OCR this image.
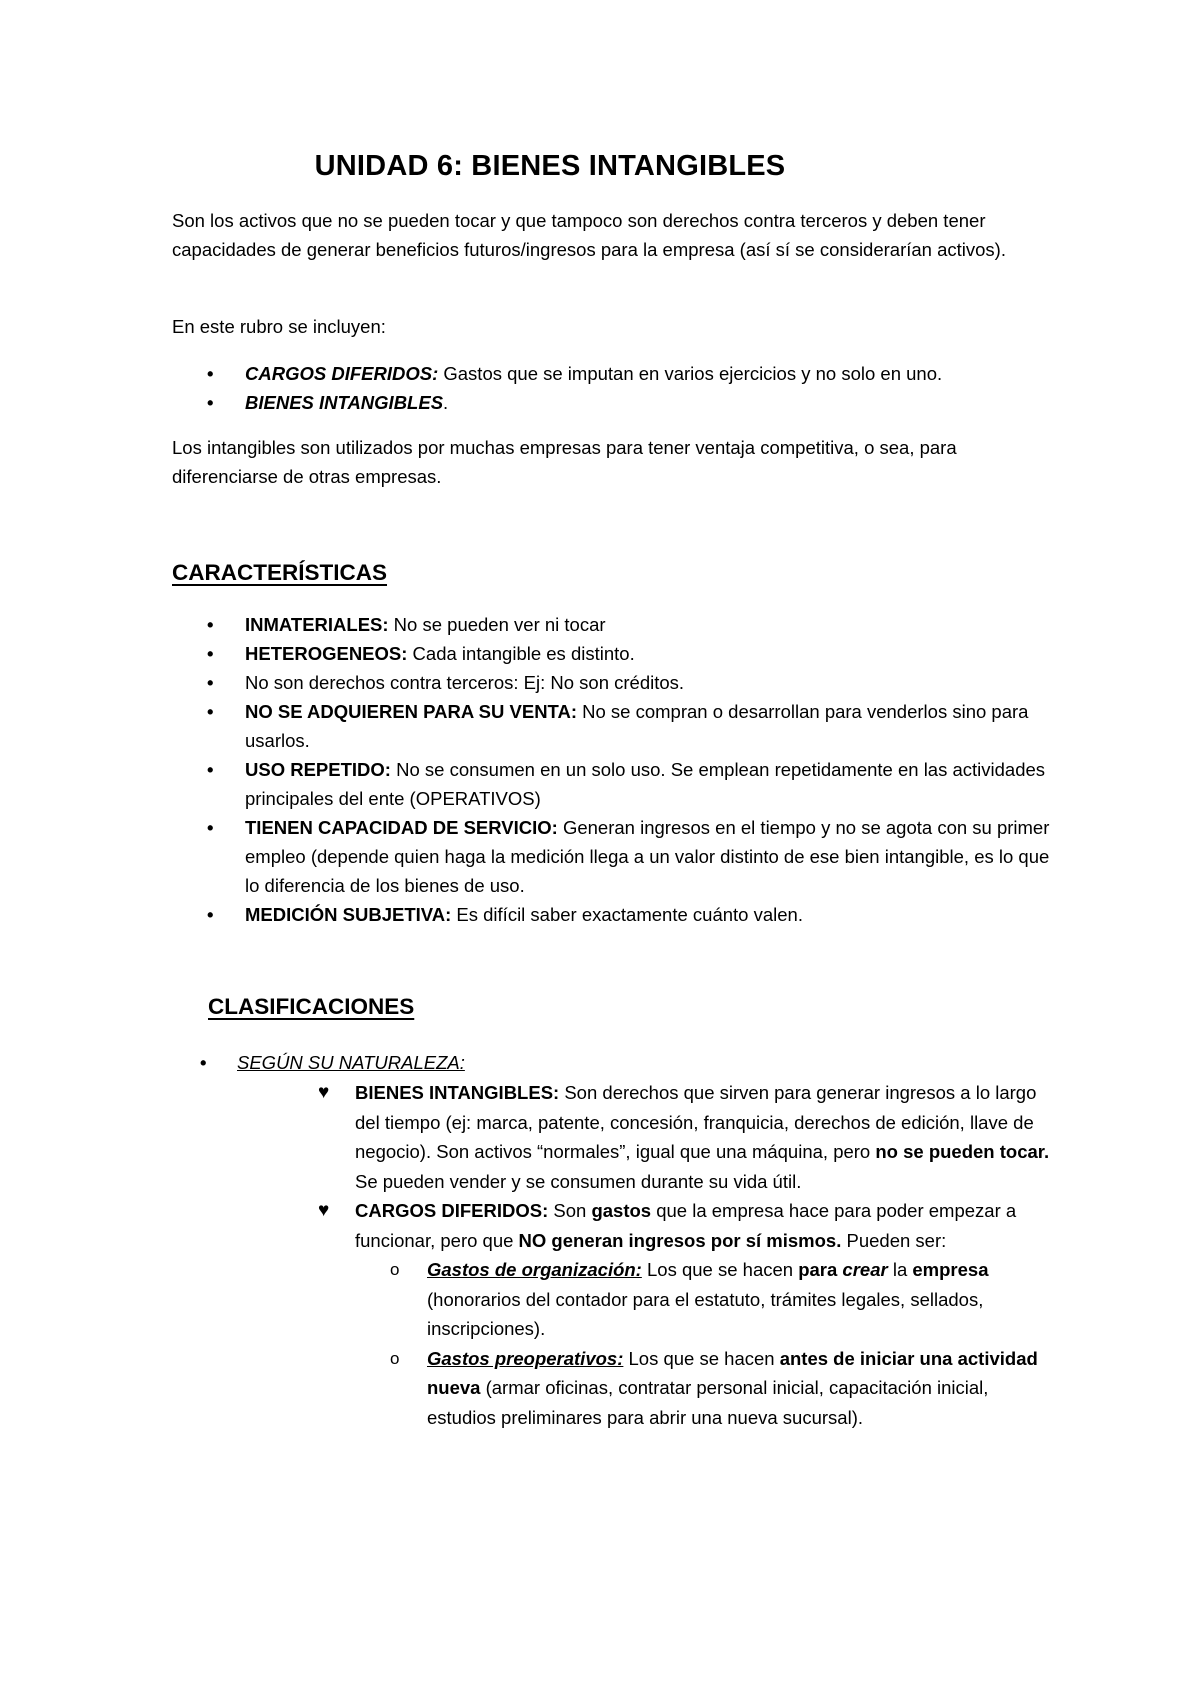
UNIDAD 6: BIENES INTANGIBLES

Son los activos que no se pueden tocar y que tampoco son derechos contra terceros y deben tener capacidades de generar beneficios futuros/ingresos para la empresa (así sí se considerarían activos).

En este rubro se incluyen:

• CARGOS DIFERIDOS: Gastos que se imputan en varios ejercicios y no solo en uno.
• BIENES INTANGIBLES.

Los intangibles son utilizados por muchas empresas para tener ventaja competitiva, o sea, para diferenciarse de otras empresas.

CARACTERÍSTICAS
• INMATERIALES: No se pueden ver ni tocar
• HETEROGENEOS: Cada intangible es distinto.
• No son derechos contra terceros: Ej: No son créditos.
• NO SE ADQUIEREN PARA SU VENTA: No se compran o desarrollan para venderlos sino para usarlos.
• USO REPETIDO: No se consumen en un solo uso. Se emplean repetidamente en las actividades principales del ente (OPERATIVOS)
• TIENEN CAPACIDAD DE SERVICIO: Generan ingresos en el tiempo y no se agota con su primer empleo (depende quien haga la medición llega a un valor distinto de ese bien intangible, es lo que lo diferencia de los bienes de uso.
• MEDICIÓN SUBJETIVA: Es difícil saber exactamente cuánto valen.
CLASIFICACIONES
• SEGÚN SU NATURALEZA:
♥ BIENES INTANGIBLES: Son derechos que sirven para generar ingresos a lo largo del tiempo (ej: marca, patente, concesión, franquicia, derechos de edición, llave de negocio). Son activos “normales”, igual que una máquina, pero no se pueden tocar. Se pueden vender y se consumen durante su vida útil.
♥ CARGOS DIFERIDOS: Son gastos que la empresa hace para poder empezar a funcionar, pero que NO generan ingresos por sí mismos. Pueden ser:
o Gastos de organización: Los que se hacen para crear la empresa (honorarios del contador para el estatuto, trámites legales, sellados, inscripciones).
o Gastos preoperativos: Los que se hacen antes de iniciar una actividad nueva (armar oficinas, contratar personal inicial, capacitación inicial, estudios preliminares para abrir una nueva sucursal).
